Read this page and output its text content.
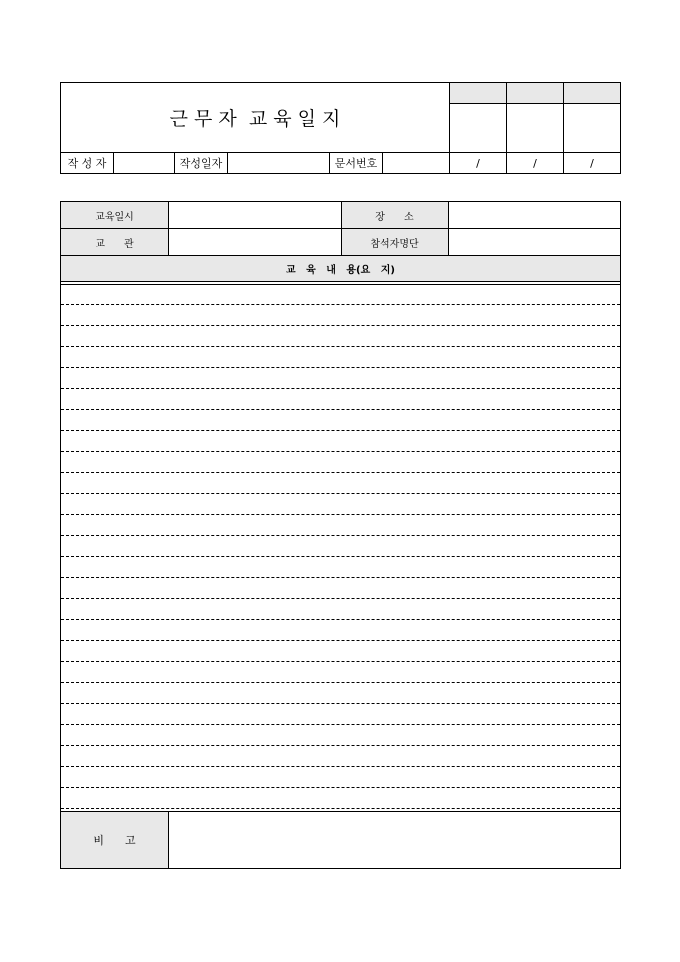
근 무 자  교 육 일 지
작 성 자	작성일자	문서번호	/	/	/
교육일시	장      소
교      관	참석자명단
교   육   내   용(요   지)
비      고
